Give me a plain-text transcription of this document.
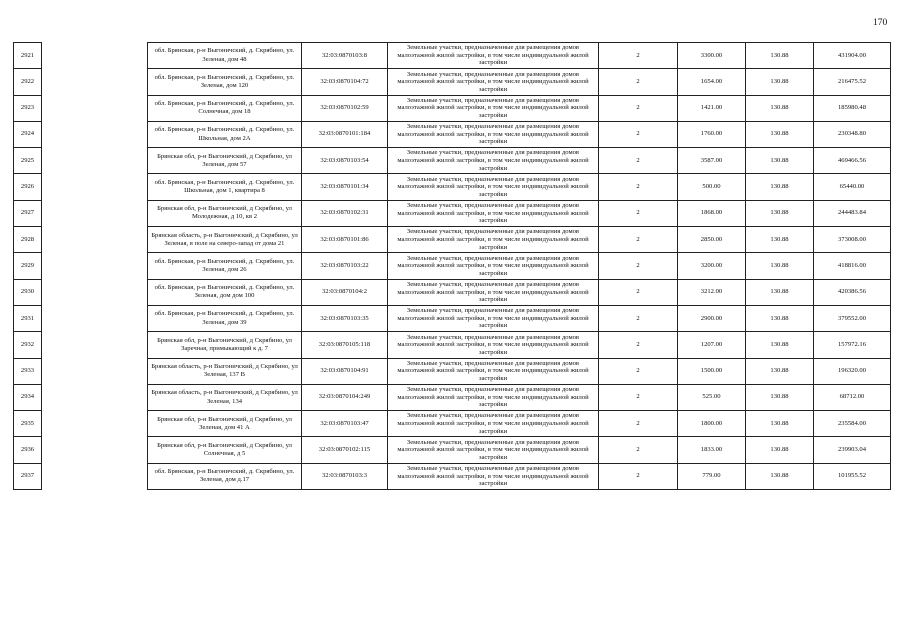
170
2921		обл. Брянская, р-н Выгоничский, д. Скрябино, ул. Зеленая, дом 48	32:03:0870103:8	Земельные участки, предназначенные для размещения домов малоэтажной жилой застройки, в том числе индивидуальной жилой застройки	2	3300.00	130.88	431904.00
2922		обл. Брянская, р-н Выгоничский, д. Скрябино, ул. Зеленая, дом 120	32:03:0870104:72	Земельные участки, предназначенные для размещения домов малоэтажной жилой застройки, в том числе индивидуальной жилой застройки	2	1654.00	130.88	216475.52
2923		обл. Брянская, р-н Выгоничский, д. Скрябино, ул. Солнечная, дом 18	32:03:0870102:59	Земельные участки, предназначенные для размещения домов малоэтажной жилой застройки, в том числе индивидуальной жилой застройки	2	1421.00	130.88	185980.48
2924		обл. Брянская, р-н Выгоничский, д. Скрябино, ул. Школьная, дом 2А	32:03:0870101:184	Земельные участки, предназначенные для размещения домов малоэтажной жилой застройки, в том числе индивидуальной жилой застройки	2	1760.00	130.88	230348.80
2925		Брянская обл, р-н Выгоничский, д Скрябино, ул Зеленая, дом 57	32:03:0870103:54	Земельные участки, предназначенные для размещения домов малоэтажной жилой застройки, в том числе индивидуальной жилой застройки	2	3587.00	130.88	469466.56
2926		обл. Брянская, р-н Выгоничский, д. Скрябино, ул. Школьная, дом 1, квартира 8	32:03:0870101:34	Земельные участки, предназначенные для размещения домов малоэтажной жилой застройки, в том числе индивидуальной жилой застройки	2	500.00	130.88	65440.00
2927		Брянская обл, р-н Выгоничский, д Скрябино, ул Молодежная, д 10, кв 2	32:03:0870102:31	Земельные участки, предназначенные для размещения домов малоэтажной жилой застройки, в том числе индивидуальной жилой застройки	2	1868.00	130.88	244483.84
2928		Брянская область, р-н Выгоничский, д Скрябино, ул Зеленая, в поле на северо-запад от дома 21	32:03:0870101:86	Земельные участки, предназначенные для размещения домов малоэтажной жилой застройки, в том числе индивидуальной жилой застройки	2	2850.00	130.88	373008.00
2929		обл. Брянская, р-н Выгоничский, д. Скрябино, ул. Зеленая, дом 26	32:03:0870103:22	Земельные участки, предназначенные для размещения домов малоэтажной жилой застройки, в том числе индивидуальной жилой застройки	2	3200.00	130.88	418816.00
2930		обл. Брянская, р-н Выгоничский, д. Скрябино, ул. Зеленая, дом дом 100	32:03:0870104:2	Земельные участки, предназначенные для размещения домов малоэтажной жилой застройки, в том числе индивидуальной жилой застройки	2	3212.00	130.88	420386.56
2931		обл. Брянская, р-н Выгоничский, д. Скрябино, ул. Зеленая, дом 39	32:03:0870103:35	Земельные участки, предназначенные для размещения домов малоэтажной жилой застройки, в том числе индивидуальной жилой застройки	2	2900.00	130.88	379552.00
2932		Брянская обл, р-н Выгоничский, д Скрябино, ул Заречная, примыкающий к д. 7	32:03:0870105:118	Земельные участки, предназначенные для размещения домов малоэтажной жилой застройки, в том числе индивидуальной жилой застройки	2	1207.00	130.88	157972.16
2933		Брянская область, р-н Выгоничский, д Скрябино, ул Зеленая, 137 В	32:03:0870104:91	Земельные участки, предназначенные для размещения домов малоэтажной жилой застройки, в том числе индивидуальной жилой застройки	2	1500.00	130.88	196320.00
2934		Брянская область, р-н Выгоничский, д Скрябино, ул Зеленая, 134	32:03:0870104:249	Земельные участки, предназначенные для размещения домов малоэтажной жилой застройки, в том числе индивидуальной жилой застройки	2	525.00	130.88	68712.00
2935		Брянская обл, р-н Выгоничский, д Скрябино, ул Зеленая, дом 41 А	32:03:0870103:47	Земельные участки, предназначенные для размещения домов малоэтажной жилой застройки, в том числе индивидуальной жилой застройки	2	1800.00	130.88	235584.00
2936		Брянская обл, р-н Выгоничский, д Скрябино, ул Солнечная, д 5	32:03:0870102:115	Земельные участки, предназначенные для размещения домов малоэтажной жилой застройки, в том числе индивидуальной жилой застройки	2	1833.00	130.88	239903.04
2937		обл. Брянская, р-н Выгоничский, д. Скрябино, ул. Зеленая, дом д.17	32:03:0870103:3	Земельные участки, предназначенные для размещения домов малоэтажной жилой застройки, в том числе индивидуальной жилой застройки	2	779.00	130.88	101955.52
